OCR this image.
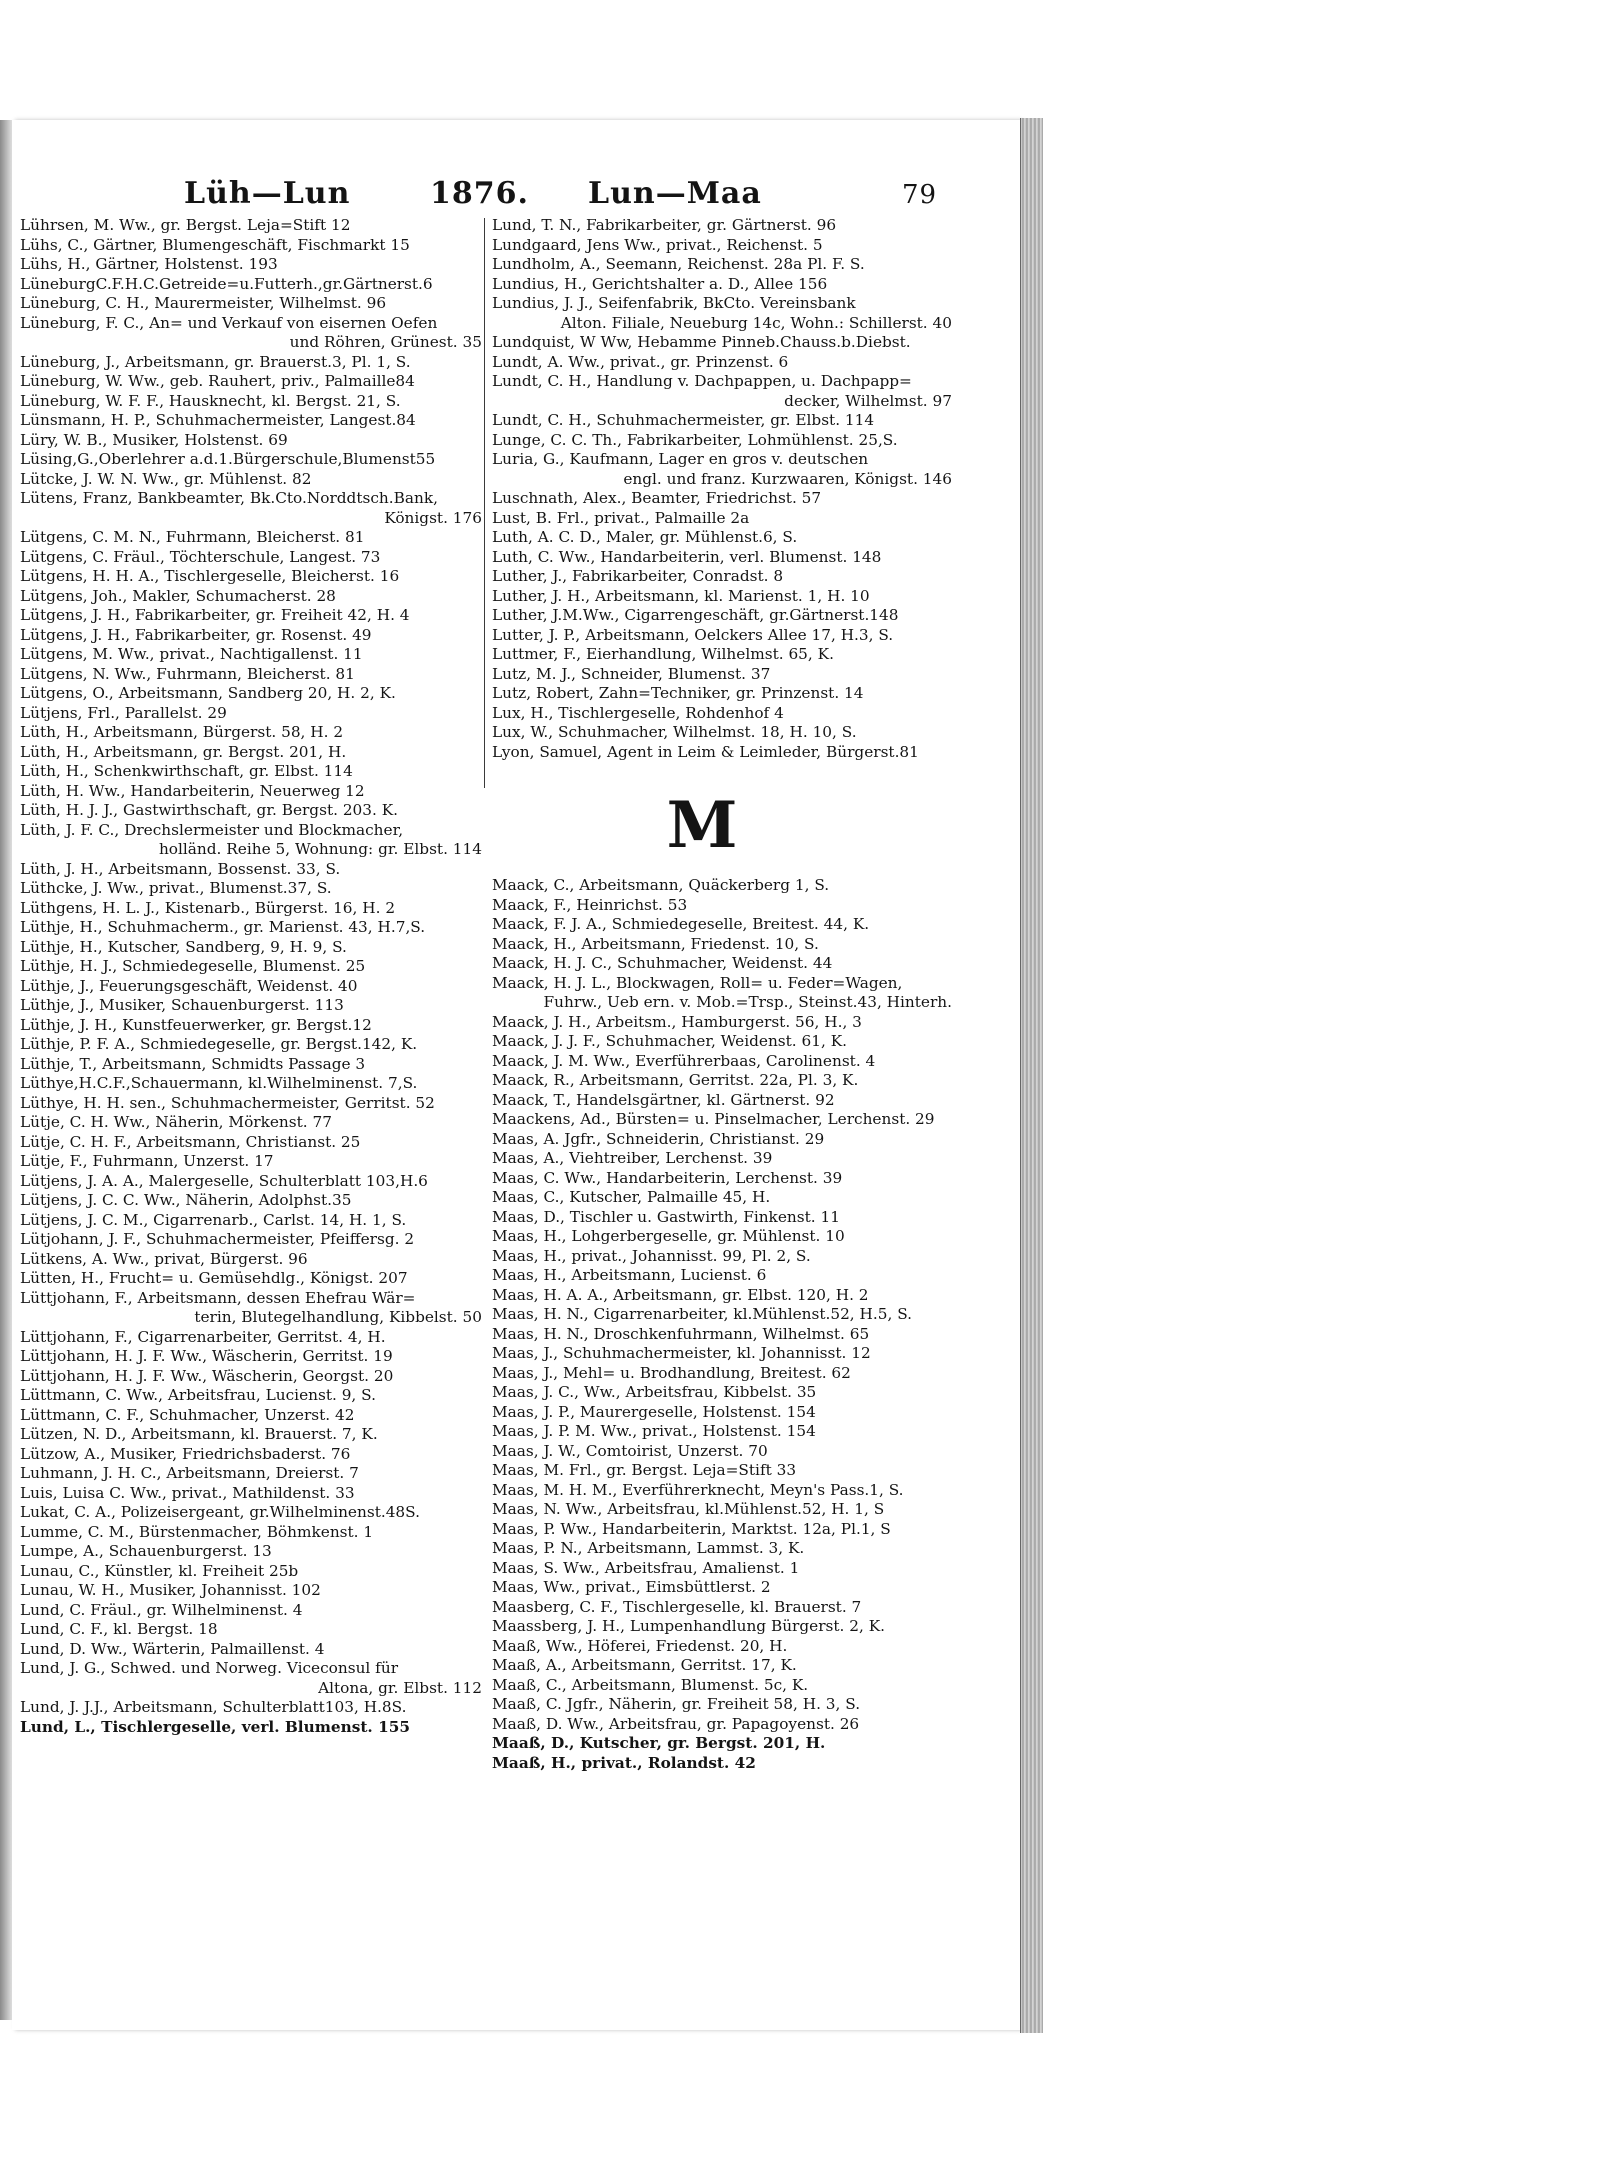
Lüh—Lun	1876. Lun—Maa	79
Lührsen, M. Ww., gr. Bergst. Leja=Stift 12
Lühs, C., Gärtner, Blumengeschäft, Fischmarkt 15
Lühs, H., Gärtner, Holstenst. 193
LüneburgC.F.H.C.Getreide=u.Futterh.,gr.Gärtnerst.6
Lüneburg, C. H., Maurermeister, Wilhelmst. 96
Lüneburg, F. C., An= und Verkauf von eisernen Oefen
und Röhren, Grünest. 35
Lüneburg, J., Arbeitsmann, gr. Brauerst.3, Pl. 1, S.
Lüneburg, W. Ww., geb. Rauhert, priv., Palmaille84
Lüneburg, W. F. F., Hausknecht, kl. Bergst. 21, S.
Lünsmann, H. P., Schuhmachermeister, Langest.84
Lüry, W. B., Musiker, Holstenst. 69
Lüsing,G.,Oberlehrer a.d.1.Bürgerschule,Blumenst55
Lütcke, J. W. N. Ww., gr. Mühlenst. 82
Lütens, Franz, Bankbeamter, Bk.Cto.Norddtsch.Bank,
Königst. 176
Lütgens, C. M. N., Fuhrmann, Bleicherst. 81
Lütgens, C. Fräul., Töchterschule, Langest. 73
Lütgens, H. H. A., Tischlergeselle, Bleicherst. 16
Lütgens, Joh., Makler, Schumacherst. 28
Lütgens, J. H., Fabrikarbeiter, gr. Freiheit 42, H. 4
Lütgens, J. H., Fabrikarbeiter, gr. Rosenst. 49
Lütgens, M. Ww., privat., Nachtigallenst. 11
Lütgens, N. Ww., Fuhrmann, Bleicherst. 81
Lütgens, O., Arbeitsmann, Sandberg 20, H. 2, K.
Lütjens, Frl., Parallelst. 29
Lüth, H., Arbeitsmann, Bürgerst. 58, H. 2
Lüth, H., Arbeitsmann, gr. Bergst. 201, H.
Lüth, H., Schenkwirthschaft, gr. Elbst. 114
Lüth, H. Ww., Handarbeiterin, Neuerweg 12
Lüth, H. J. J., Gastwirthschaft, gr. Bergst. 203. K.
Lüth, J. F. C., Drechslermeister und Blockmacher,
holländ. Reihe 5, Wohnung: gr. Elbst. 114
Lüth, J. H., Arbeitsmann, Bossenst. 33, S.
Lüthcke, J. Ww., privat., Blumenst.37, S.
Lüthgens, H. L. J., Kistenarb., Bürgerst. 16, H. 2
Lüthje, H., Schuhmacherm., gr. Marienst. 43, H.7,S.
Lüthje, H., Kutscher, Sandberg, 9, H. 9, S.
Lüthje, H. J., Schmiedegeselle, Blumenst. 25
Lüthje, J., Feuerungsgeschäft, Weidenst. 40
Lüthje, J., Musiker, Schauenburgerst. 113
Lüthje, J. H., Kunstfeuerwerker, gr. Bergst.12
Lüthje, P. F. A., Schmiedegeselle, gr. Bergst.142, K.
Lüthje, T., Arbeitsmann, Schmidts Passage 3
Lüthye,H.C.F.,Schauermann, kl.Wilhelminenst. 7,S.
Lüthye, H. H. sen., Schuhmachermeister, Gerritst. 52
Lütje, C. H. Ww., Näherin, Mörkenst. 77
Lütje, C. H. F., Arbeitsmann, Christianst. 25
Lütje, F., Fuhrmann, Unzerst. 17
Lütjens, J. A. A., Malergeselle, Schulterblatt 103,H.6
Lütjens, J. C. C. Ww., Näherin, Adolphst.35
Lütjens, J. C. M., Cigarrenarb., Carlst. 14, H. 1, S.
Lütjohann, J. F., Schuhmachermeister, Pfeiffersg. 2
Lütkens, A. Ww., privat, Bürgerst. 96
Lütten, H., Frucht= u. Gemüsehdlg., Königst. 207
Lüttjohann, F., Arbeitsmann, dessen Ehefrau Wär=
terin, Blutegelhandlung, Kibbelst. 50
Lüttjohann, F., Cigarrenarbeiter, Gerritst. 4, H.
Lüttjohann, H. J. F. Ww., Wäscherin, Gerritst. 19
Lüttjohann, H. J. F. Ww., Wäscherin, Georgst. 20
Lüttmann, C. Ww., Arbeitsfrau, Lucienst. 9, S.
Lüttmann, C. F., Schuhmacher, Unzerst. 42
Lützen, N. D., Arbeitsmann, kl. Brauerst. 7, K.
Lützow, A., Musiker, Friedrichsbaderst. 76
Luhmann, J. H. C., Arbeitsmann, Dreierst. 7
Luis, Luisa C. Ww., privat., Mathildenst. 33
Lukat, C. A., Polizeisergeant, gr.Wilhelminenst.48S.
Lumme, C. M., Bürstenmacher, Böhmkenst. 1
Lumpe, A., Schauenburgerst. 13
Lunau, C., Künstler, kl. Freiheit 25b
Lunau, W. H., Musiker, Johannisst. 102
Lund, C. Fräul., gr. Wilhelminenst. 4
Lund, C. F., kl. Bergst. 18
Lund, D. Ww., Wärterin, Palmaillenst. 4
Lund, J. G., Schwed. und Norweg. Viceconsul für
Altona, gr. Elbst. 112
Lund, J. J.J., Arbeitsmann, Schulterblatt103, H.8S.
Lund, L., Tischlergeselle, verl. Blumenst. 155
Lund, T. N., Fabrikarbeiter, gr. Gärtnerst. 96
Lundgaard, Jens Ww., privat., Reichenst. 5
Lundholm, A., Seemann, Reichenst. 28a Pl. F. S.
Lundius, H., Gerichtshalter a. D., Allee 156
Lundius, J. J., Seifenfabrik, BkCto. Vereinsbank
Alton. Filiale, Neueburg 14c, Wohn.: Schillerst. 40
Lundquist, W Ww, Hebamme Pinneb.Chauss.b.Diebst.
Lundt, A. Ww., privat., gr. Prinzenst. 6
Lundt, C. H., Handlung v. Dachpappen, u. Dachpapp=
decker, Wilhelmst. 97
Lundt, C. H., Schuhmachermeister, gr. Elbst. 114
Lunge, C. C. Th., Fabrikarbeiter, Lohmühlenst. 25,S.
Luria, G., Kaufmann, Lager en gros v. deutschen
engl. und franz. Kurzwaaren, Königst. 146
Luschnath, Alex., Beamter, Friedrichst. 57
Lust, B. Frl., privat., Palmaille 2a
Luth, A. C. D., Maler, gr. Mühlenst.6, S.
Luth, C. Ww., Handarbeiterin, verl. Blumenst. 148
Luther, J., Fabrikarbeiter, Conradst. 8
Luther, J. H., Arbeitsmann, kl. Marienst. 1, H. 10
Luther, J.M.Ww., Cigarrengeschäft, gr.Gärtnerst.148
Lutter, J. P., Arbeitsmann, Oelckers Allee 17, H.3, S.
Luttmer, F., Eierhandlung, Wilhelmst. 65, K.
Lutz, M. J., Schneider, Blumenst. 37
Lutz, Robert, Zahn=Techniker, gr. Prinzenst. 14
Lux, H., Tischlergeselle, Rohdenhof 4
Lux, W., Schuhmacher, Wilhelmst. 18, H. 10, S.
Lyon, Samuel, Agent in Leim & Leimleder, Bürgerst.81
M
Maack, C., Arbeitsmann, Quäckerberg 1, S.
Maack, F., Heinrichst. 53
Maack, F. J. A., Schmiedegeselle, Breitest. 44, K.
Maack, H., Arbeitsmann, Friedenst. 10, S.
Maack, H. J. C., Schuhmacher, Weidenst. 44
Maack, H. J. L., Blockwagen, Roll= u. Feder=Wagen,
Fuhrw., Ueb ern. v. Mob.=Trsp., Steinst.43, Hinterh.
Maack, J. H., Arbeitsm., Hamburgerst. 56, H., 3
Maack, J. J. F., Schuhmacher, Weidenst. 61, K.
Maack, J. M. Ww., Everführerbaas, Carolinenst. 4
Maack, R., Arbeitsmann, Gerritst. 22a, Pl. 3, K.
Maack, T., Handelsgärtner, kl. Gärtnerst. 92
Maackens, Ad., Bürsten= u. Pinselmacher, Lerchenst. 29
Maas, A. Jgfr., Schneiderin, Christianst. 29
Maas, A., Viehtreiber, Lerchenst. 39
Maas, C. Ww., Handarbeiterin, Lerchenst. 39
Maas, C., Kutscher, Palmaille 45, H.
Maas, D., Tischler u. Gastwirth, Finkenst. 11
Maas, H., Lohgerbergeselle, gr. Mühlenst. 10
Maas, H., privat., Johannisst. 99, Pl. 2, S.
Maas, H., Arbeitsmann, Lucienst. 6
Maas, H. A. A., Arbeitsmann, gr. Elbst. 120, H. 2
Maas, H. N., Cigarrenarbeiter, kl.Mühlenst.52, H.5, S.
Maas, H. N., Droschkenfuhrmann, Wilhelmst. 65
Maas, J., Schuhmachermeister, kl. Johannisst. 12
Maas, J., Mehl= u. Brodhandlung, Breitest. 62
Maas, J. C., Ww., Arbeitsfrau, Kibbelst. 35
Maas, J. P., Maurergeselle, Holstenst. 154
Maas, J. P. M. Ww., privat., Holstenst. 154
Maas, J. W., Comtoirist, Unzerst. 70
Maas, M. Frl., gr. Bergst. Leja=Stift 33
Maas, M. H. M., Everführerknecht, Meyn's Pass.1, S.
Maas, N. Ww., Arbeitsfrau, kl.Mühlenst.52, H. 1, S
Maas, P. Ww., Handarbeiterin, Marktst. 12a, Pl.1, S
Maas, P. N., Arbeitsmann, Lammst. 3, K.
Maas, S. Ww., Arbeitsfrau, Amalienst. 1
Maas, Ww., privat., Eimsbüttlerst. 2
Maasberg, C. F., Tischlergeselle, kl. Brauerst. 7
Maassberg, J. H., Lumpenhandlung Bürgerst. 2, K.
Maaß, Ww., Höferei, Friedenst. 20, H.
Maaß, A., Arbeitsmann, Gerritst. 17, K.
Maaß, C., Arbeitsmann, Blumenst. 5c, K.
Maaß, C. Jgfr., Näherin, gr. Freiheit 58, H. 3, S.
Maaß, D. Ww., Arbeitsfrau, gr. Papagoyenst. 26
Maaß, D., Kutscher, gr. Bergst. 201, H.
Maaß, H., privat., Rolandst. 42
